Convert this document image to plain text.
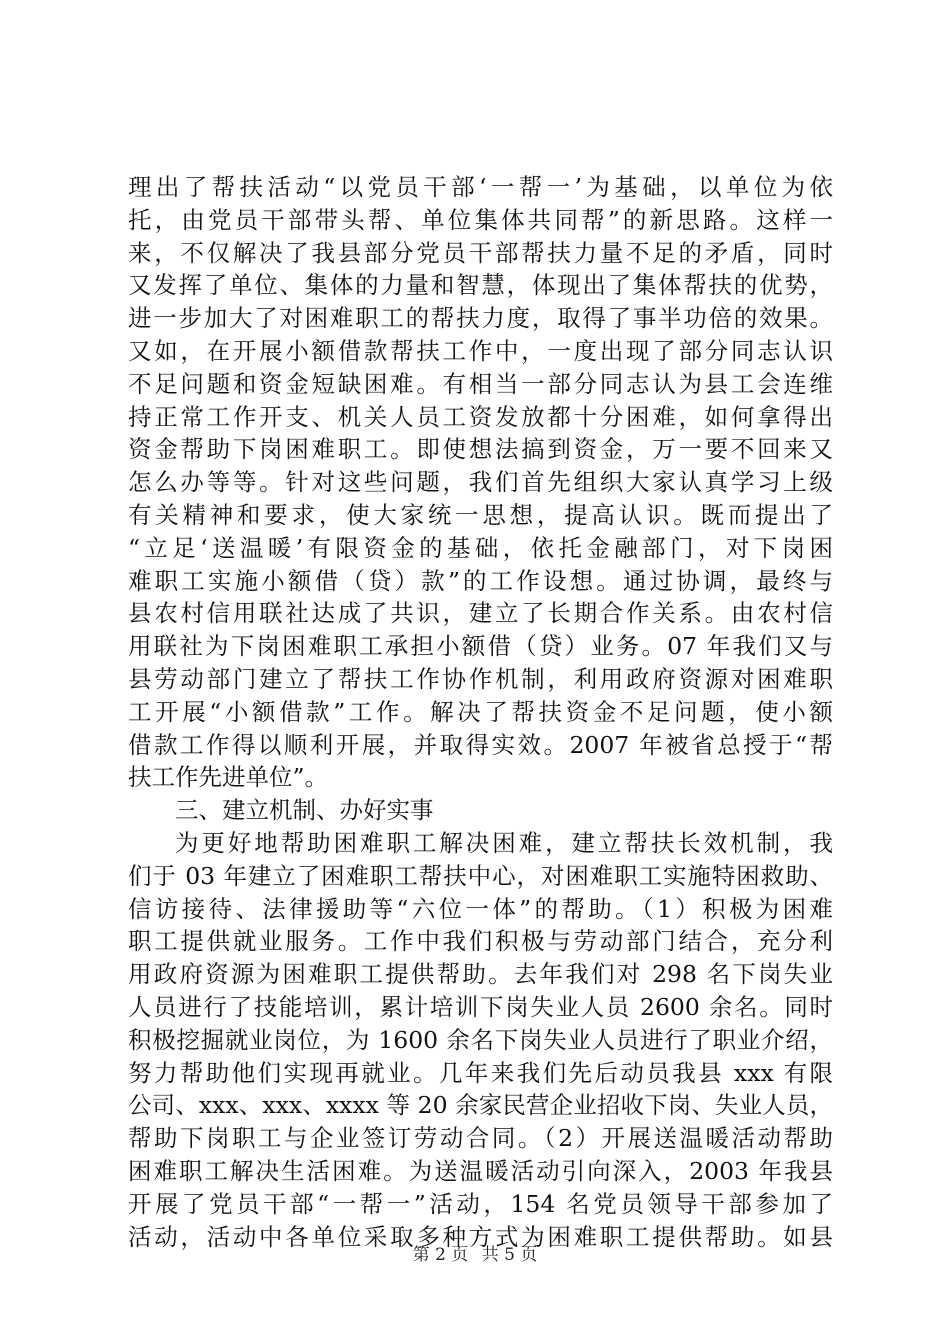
理出了帮扶活动“以党员干部‘一帮一’为基础，以单位为依
托，由党员干部带头帮、单位集体共同帮”的新思路。这样一
来，不仅解决了我县部分党员干部帮扶力量不足的矛盾，同时
又发挥了单位、集体的力量和智慧，体现出了集体帮扶的优势，
进一步加大了对困难职工的帮扶力度，取得了事半功倍的效果。
又如，在开展小额借款帮扶工作中，一度出现了部分同志认识
不足问题和资金短缺困难。有相当一部分同志认为县工会连维
持正常工作开支、机关人员工资发放都十分困难，如何拿得出
资金帮助下岗困难职工。即使想法搞到资金，万一要不回来又
怎么办等等。针对这些问题，我们首先组织大家认真学习上级
有关精神和要求，使大家统一思想，提高认识。既而提出了
“立足‘送温暖’有限资金的基础，依托金融部门，对下岗困
难职工实施小额借（贷）款”的工作设想。通过协调，最终与
县农村信用联社达成了共识，建立了长期合作关系。由农村信
用联社为下岗困难职工承担小额借（贷）业务。07 年我们又与
县劳动部门建立了帮扶工作协作机制，利用政府资源对困难职
工开展“小额借款”工作。解决了帮扶资金不足问题，使小额
借款工作得以顺利开展，并取得实效。2007 年被省总授于“帮
扶工作先进单位”。
三、建立机制、办好实事
为更好地帮助困难职工解决困难，建立帮扶长效机制，我
们于 03 年建立了困难职工帮扶中心，对困难职工实施特困救助、
信访接待、法律援助等“六位一体”的帮助。（1）积极为困难
职工提供就业服务。工作中我们积极与劳动部门结合，充分利
用政府资源为困难职工提供帮助。去年我们对 298 名下岗失业
人员进行了技能培训，累计培训下岗失业人员 2600 余名。同时
积极挖掘就业岗位，为 1600 余名下岗失业人员进行了职业介绍，
努力帮助他们实现再就业。几年来我们先后动员我县 xxx 有限
公司、xxx、xxx、xxxx 等 20 余家民营企业招收下岗、失业人员，
帮助下岗职工与企业签订劳动合同。（2）开展送温暖活动帮助
困难职工解决生活困难。为送温暖活动引向深入，2003 年我县
开展了党员干部“一帮一”活动，154 名党员领导干部参加了
活动，活动中各单位采取多种方式为困难职工提供帮助。如县
第 2 页 共 5 页
